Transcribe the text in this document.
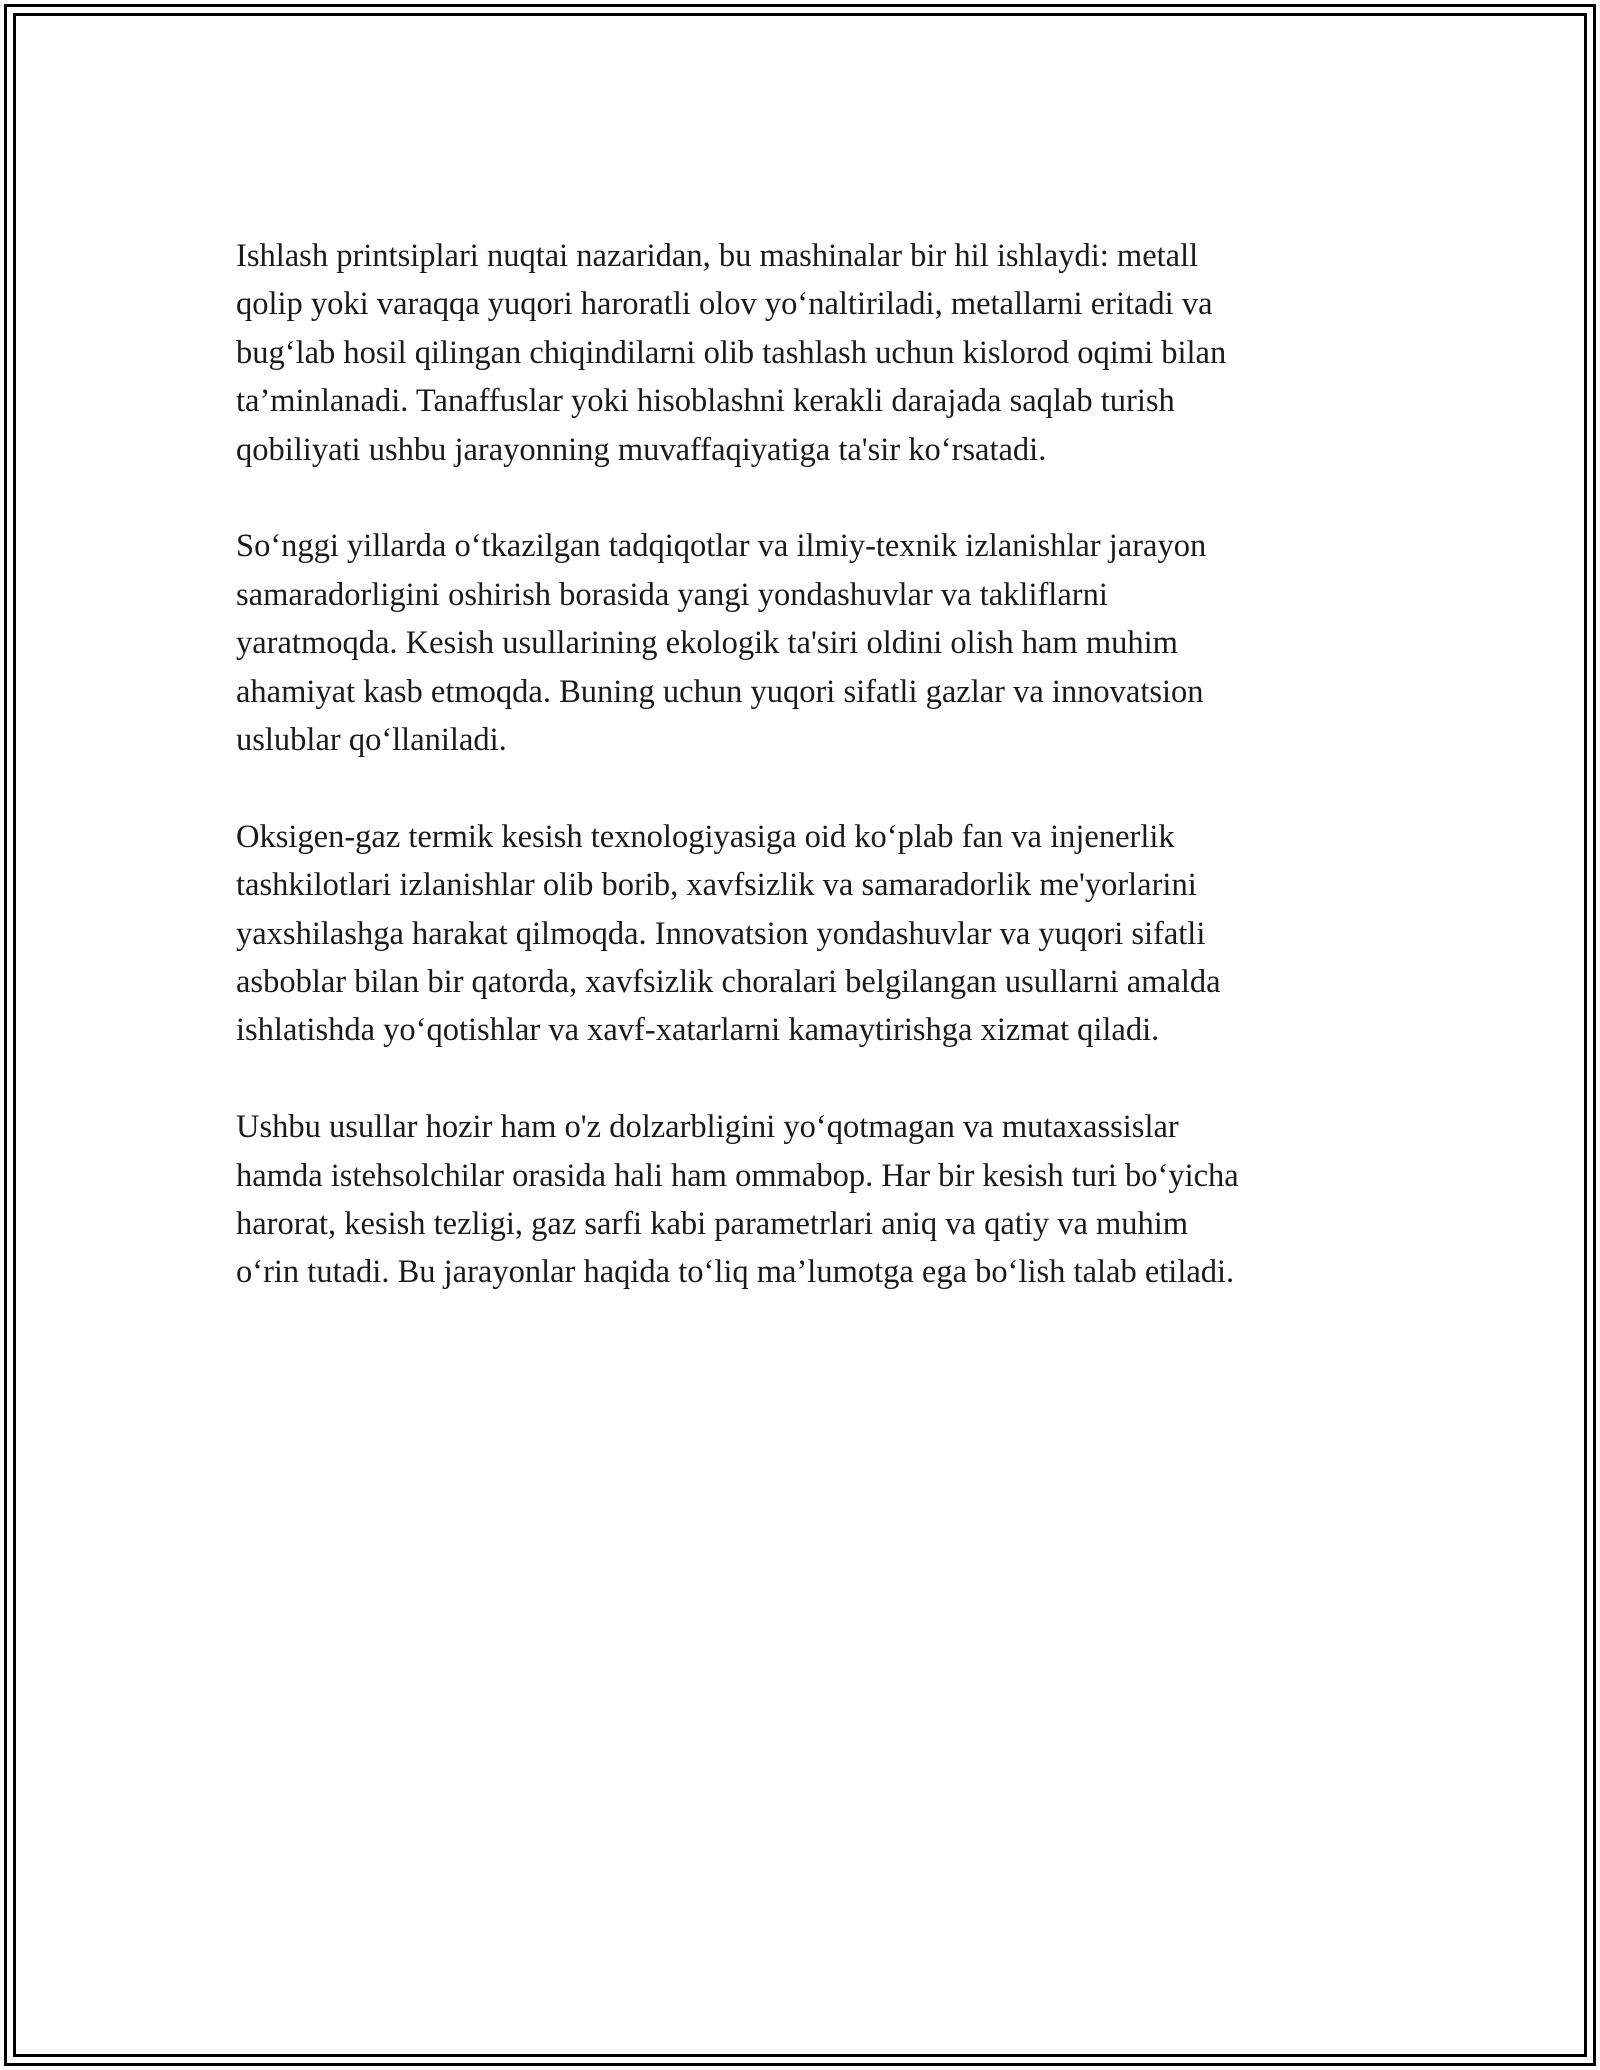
Ishlash printsiplari nuqtai nazaridan, bu mashinalar bir hil ishlaydi: metall
qolip yoki varaqqa yuqori haroratli olov yo‘naltiriladi, metallarni eritadi va
bug‘lab hosil qilingan chiqindilarni olib tashlash uchun kislorod oqimi bilan
ta’minlanadi. Tanaffuslar yoki hisoblashni kerakli darajada saqlab turish
qobiliyati ushbu jarayonning muvaffaqiyatiga ta'sir ko‘rsatadi.

So‘nggi yillarda o‘tkazilgan tadqiqotlar va ilmiy-texnik izlanishlar jarayon
samaradorligini oshirish borasida yangi yondashuvlar va takliflarni
yaratmoqda. Kesish usullarining ekologik ta'siri oldini olish ham muhim
ahamiyat kasb etmoqda. Buning uchun yuqori sifatli gazlar va innovatsion
uslublar qo‘llaniladi.

Oksigen-gaz termik kesish texnologiyasiga oid ko‘plab fan va injenerlik
tashkilotlari izlanishlar olib borib, xavfsizlik va samaradorlik me'yorlarini
yaxshilashga harakat qilmoqda. Innovatsion yondashuvlar va yuqori sifatli
asboblar bilan bir qatorda, xavfsizlik choralari belgilangan usullarni amalda
ishlatishda yo‘qotishlar va xavf-xatarlarni kamaytirishga xizmat qiladi.

Ushbu usullar hozir ham o'z dolzarbligini yo‘qotmagan va mutaxassislar
hamda istehsolchilar orasida hali ham ommabop. Har bir kesish turi bo‘yicha
harorat, kesish tezligi, gaz sarfi kabi parametrlari aniq va qatiy va muhim
o‘rin tutadi. Bu jarayonlar haqida to‘liq ma’lumotga ega bo‘lish talab etiladi.
